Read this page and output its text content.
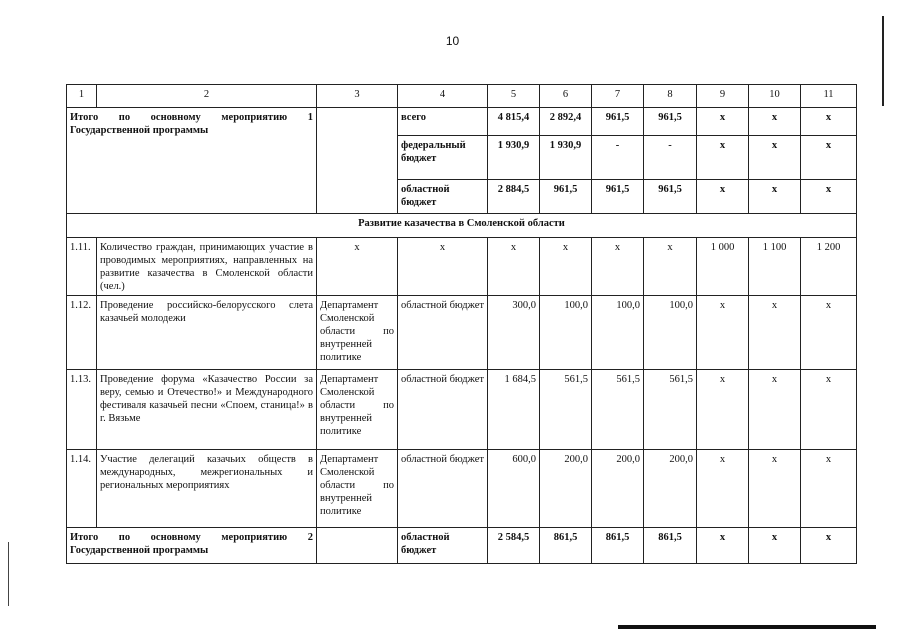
10
1	2	3	4	5	6	7	8	9	10	11
Итого по основному мероприятию 1 Государственной программы			всего	4 815,4	2 892,4	961,5	961,5	x	x	x
			федеральный бюджет	1 930,9	1 930,9	-	-	x	x	x
			областной бюджет	2 884,5	961,5	961,5	961,5	x	x	x
Развитие казачества в Смоленской области										
1.11.	Количество граждан, принимающих участие в проводимых мероприятиях, направленных на развитие казачества в Смоленской области (чел.)	x	x	x	x	x	x	1 000	1 100	1 200
1.12.	Проведение российско-белорусского слета казачьей молодежи	Департамент Смоленской области по внутренней политике	областной бюджет	300,0	100,0	100,0	100,0	x	x	x
1.13.	Проведение форума «Казачество России за веру, семью и Отечество!» и Международного фестиваля казачьей песни «Споем, станица!» в г. Вязьме	Департамент Смоленской области по внутренней политике	областной бюджет	1 684,5	561,5	561,5	561,5	x	x	x
1.14.	Участие делегаций казачьих обществ в международных, межрегиональных и региональных мероприятиях	Департамент Смоленской области по внутренней политике	областной бюджет	600,0	200,0	200,0	200,0	x	x	x
Итого по основному мероприятию 2 Государственной программы			областной бюджет	2 584,5	861,5	861,5	861,5	x	x	x
